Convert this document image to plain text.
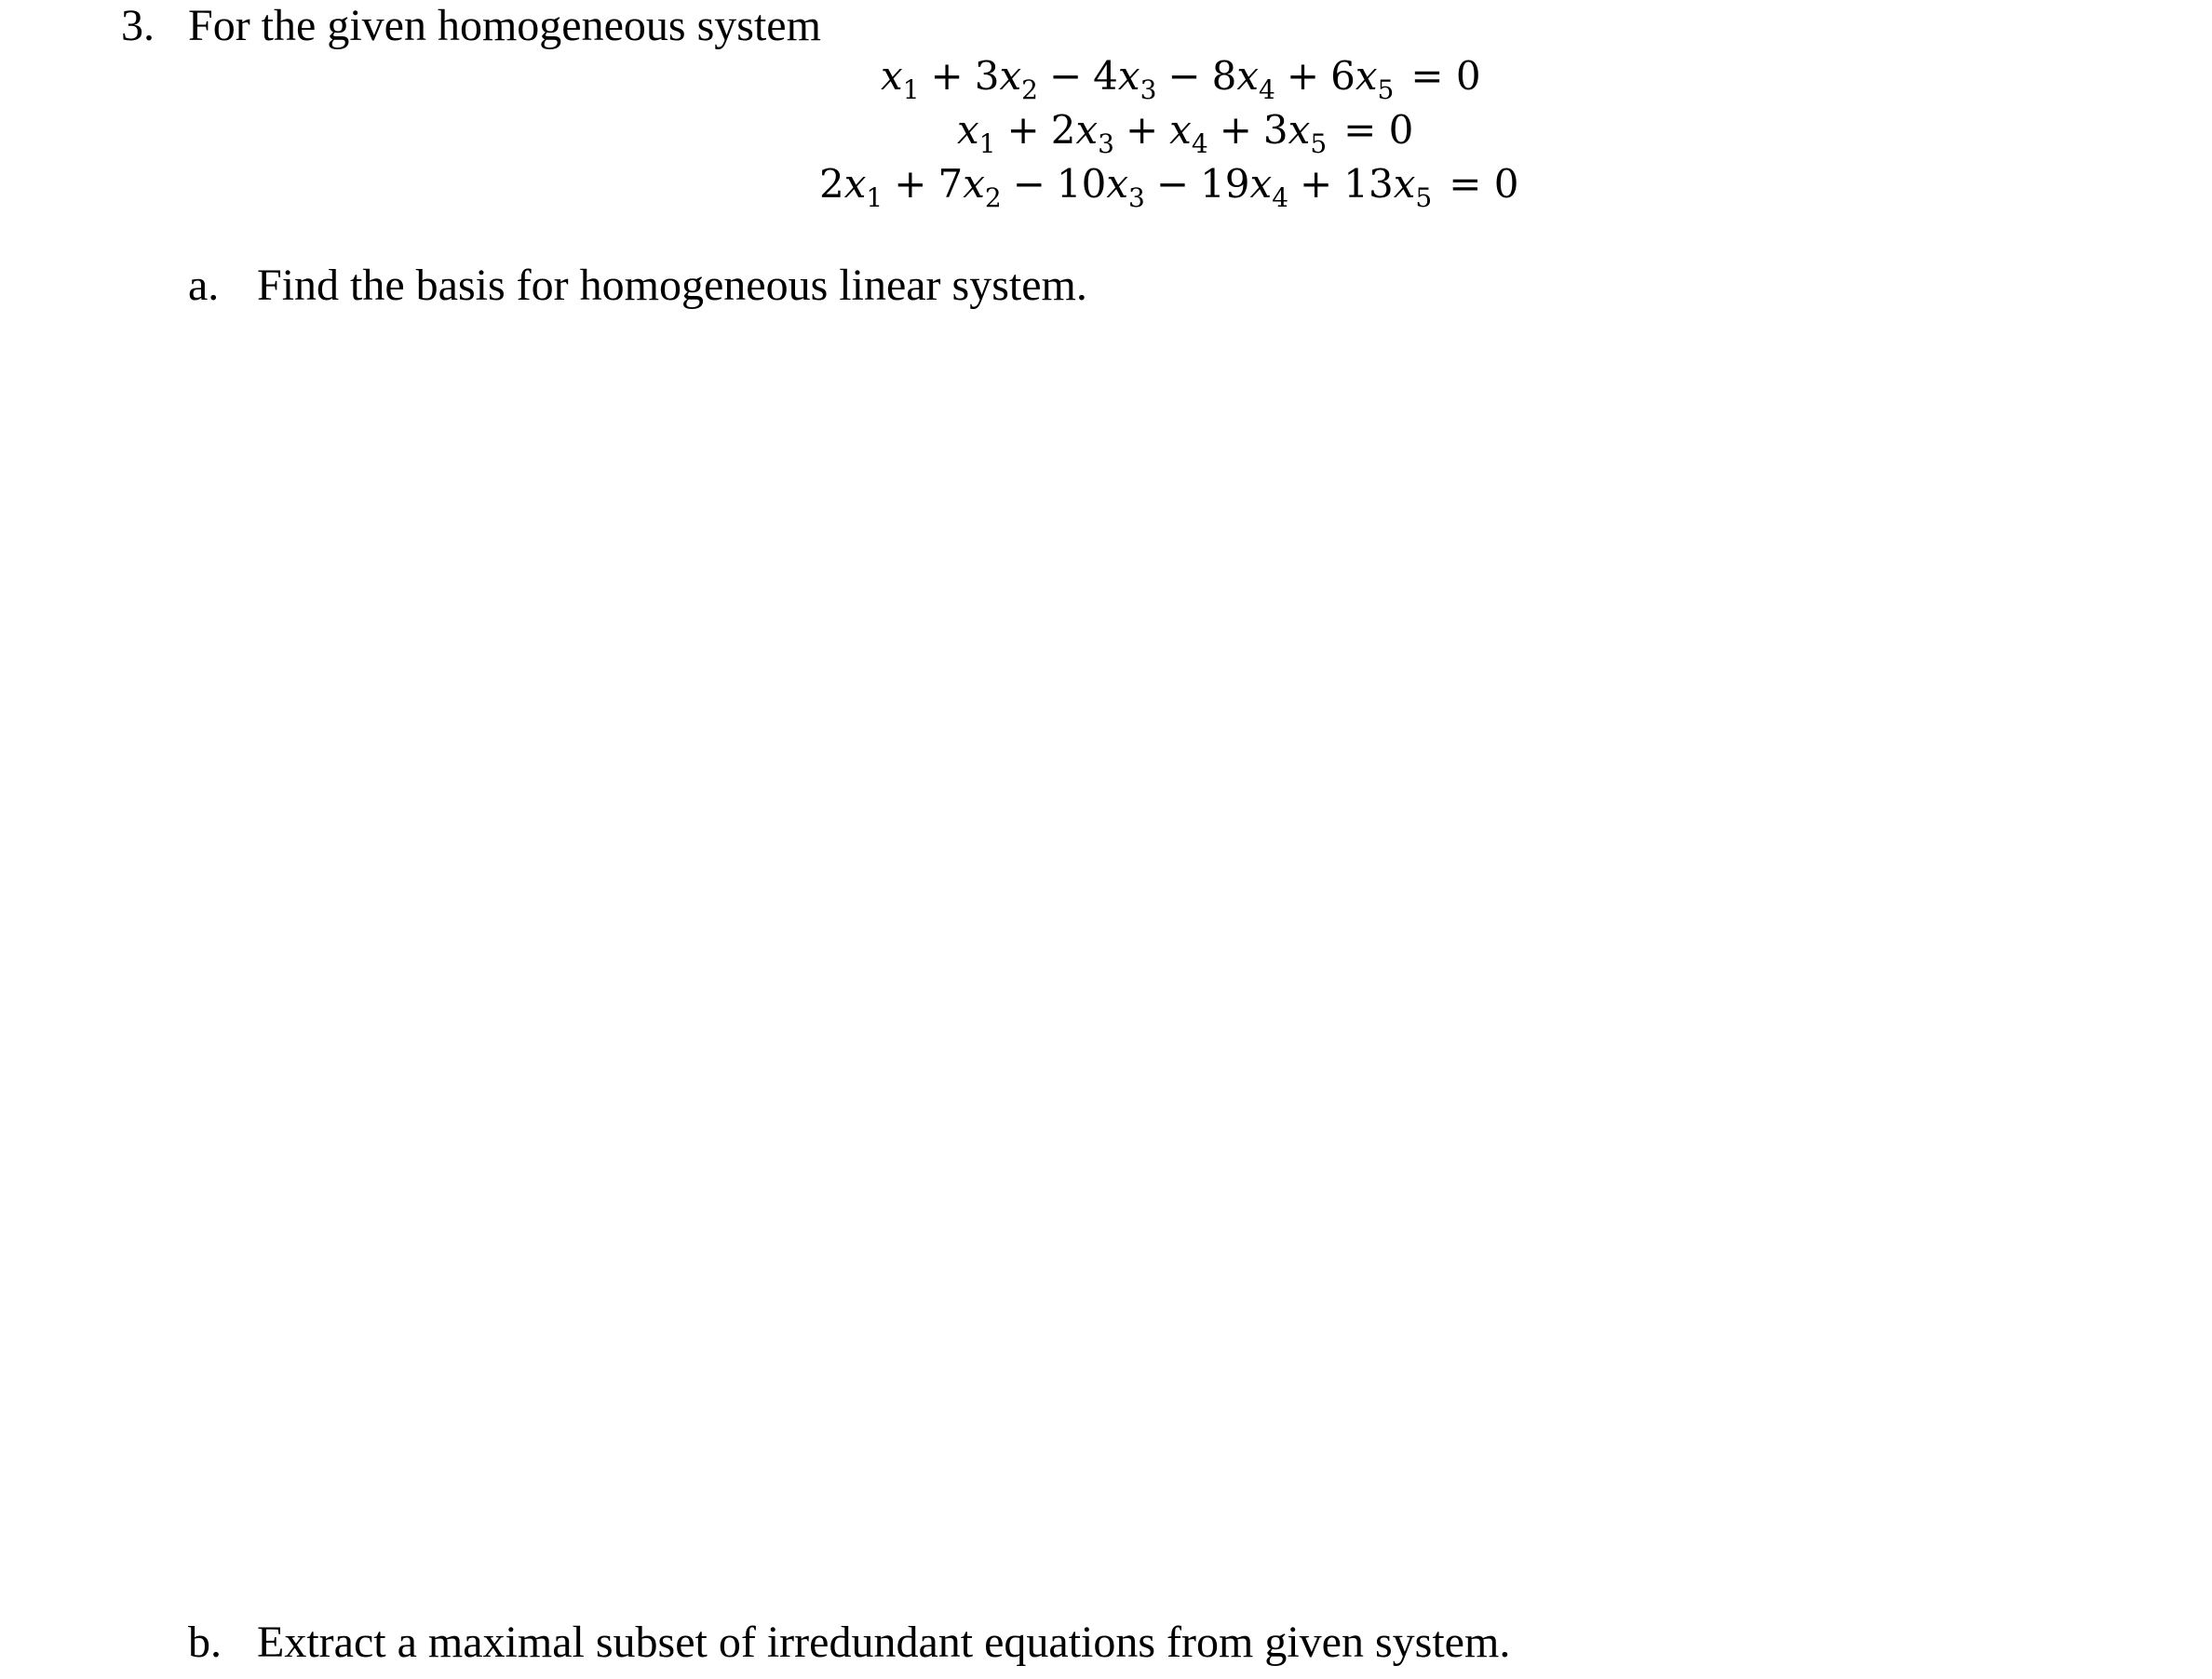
3. For the given homogeneous system
$x_1 + 3x_2 - 4x_3 - 8x_4 + 6x_5 = 0$
$x_1 + 2x_3 + x_4 + 3x_5 = 0$
$2x_1 + 7x_2 - 10x_3 - 19x_4 + 13x_5 = 0$
a. Find the basis for homogeneous linear system.
b. Extract a maximal subset of irredundant equations from given system.
